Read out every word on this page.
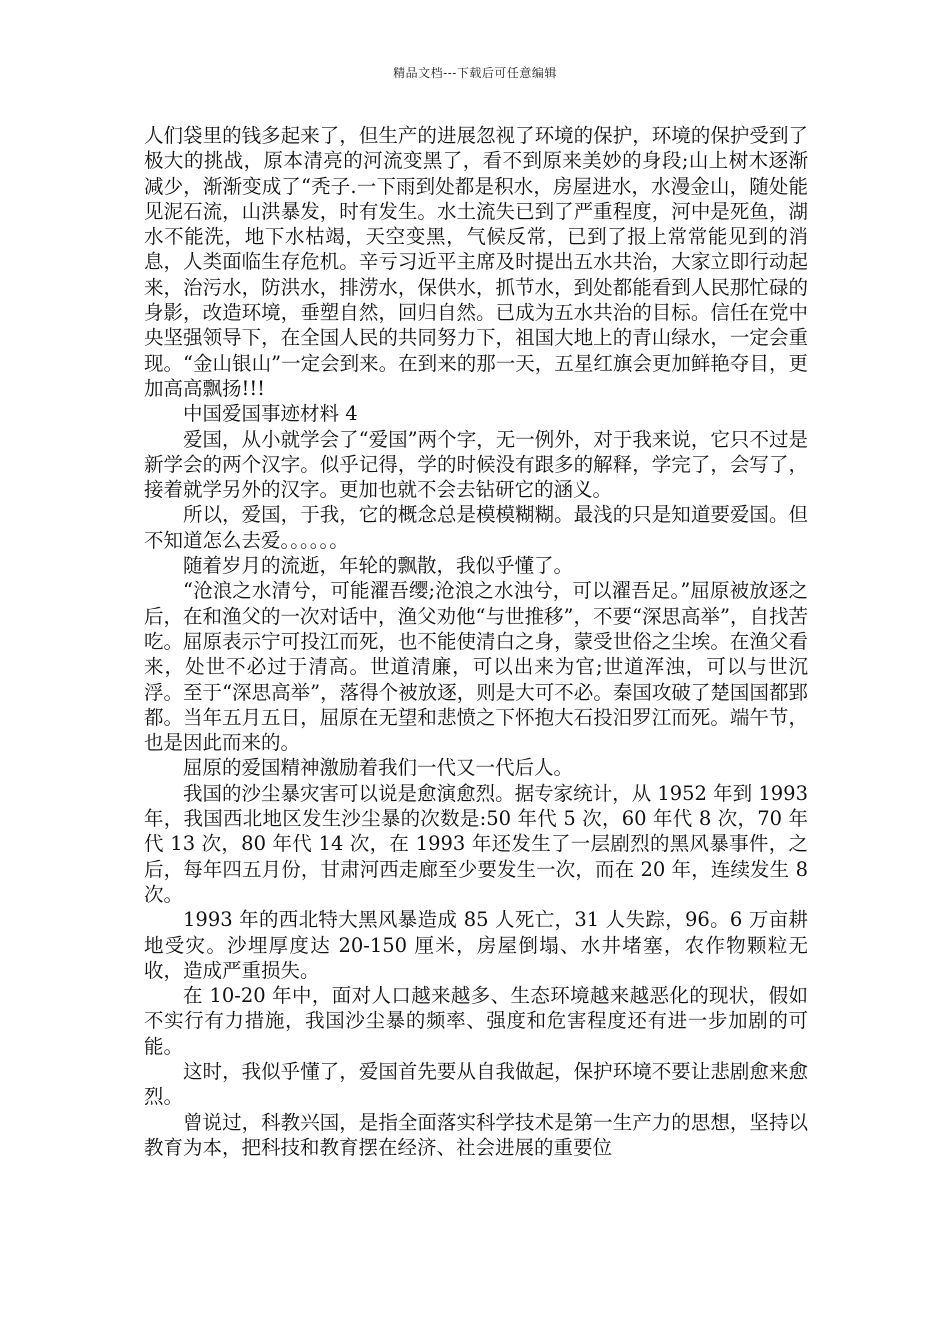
精品文档---下载后可任意编辑

人们袋里的钱多起来了，但生产的进展忽视了环境的保护，环境的保护受到了极大的挑战，原本清亮的河流变黑了，看不到原来美妙的身段;山上树木逐渐减少，渐渐变成了“秃子.一下雨到处都是积水，房屋进水，水漫金山，随处能见泥石流，山洪暴发，时有发生。水土流失已到了严重程度，河中是死鱼，湖水不能洗，地下水枯竭，天空变黑，气候反常，已到了报上常常能见到的消息，人类面临生存危机。辛亏习近平主席及时提出五水共治，大家立即行动起来，治污水，防洪水，排涝水，保供水，抓节水，到处都能看到人民那忙碌的身影，改造环境，垂塑自然，回归自然。已成为五水共治的目标。信任在党中央坚强领导下，在全国人民的共同努力下，祖国大地上的青山绿水，一定会重现。“金山银山”一定会到来。在到来的那一天，五星红旗会更加鲜艳夺目，更加高高飘扬!!!

中国爱国事迹材料 4

爱国，从小就学会了“爱国”两个字，无一例外，对于我来说，它只不过是新学会的两个汉字。似乎记得，学的时候没有跟多的解释，学完了，会写了，接着就学另外的汉字。更加也就不会去钻研它的涵义。

所以，爱国，于我，它的概念总是模模糊糊。最浅的只是知道要爱国。但不知道怎么去爱。。。。。。

随着岁月的流逝，年轮的飘散，我似乎懂了。

“沧浪之水清兮，可能濯吾缨;沧浪之水浊兮，可以濯吾足。”屈原被放逐之后，在和渔父的一次对话中，渔父劝他“与世推移”，不要“深思高举”，自找苦吃。屈原表示宁可投江而死，也不能使清白之身，蒙受世俗之尘埃。在渔父看来，处世不必过于清高。世道清廉，可以出来为官;世道浑浊，可以与世沉浮。至于“深思高举”，落得个被放逐，则是大可不必。秦国攻破了楚国国都郢都。当年五月五日，屈原在无望和悲愤之下怀抱大石投汨罗江而死。端午节，也是因此而来的。

屈原的爱国精神激励着我们一代又一代后人。

我国的沙尘暴灾害可以说是愈演愈烈。据专家统计，从 1952 年到 1993 年，我国西北地区发生沙尘暴的次数是:50 年代 5 次，60 年代 8 次，70 年代 13 次，80 年代 14 次，在 1993 年还发生了一层剧烈的黑风暴事件，之后，每年四五月份，甘肃河西走廊至少要发生一次，而在 20 年，连续发生 8 次。

1993 年的西北特大黑风暴造成 85 人死亡，31 人失踪，96。6 万亩耕地受灾。沙埋厚度达 20-150 厘米，房屋倒塌、水井堵塞，农作物颗粒无收，造成严重损失。

在 10-20 年中，面对人口越来越多、生态环境越来越恶化的现状，假如不实行有力措施，我国沙尘暴的频率、强度和危害程度还有进一步加剧的可能。

这时，我似乎懂了，爱国首先要从自我做起，保护环境不要让悲剧愈来愈烈。

曾说过，科教兴国，是指全面落实科学技术是第一生产力的思想，坚持以教育为本，把科技和教育摆在经济、社会进展的重要位
